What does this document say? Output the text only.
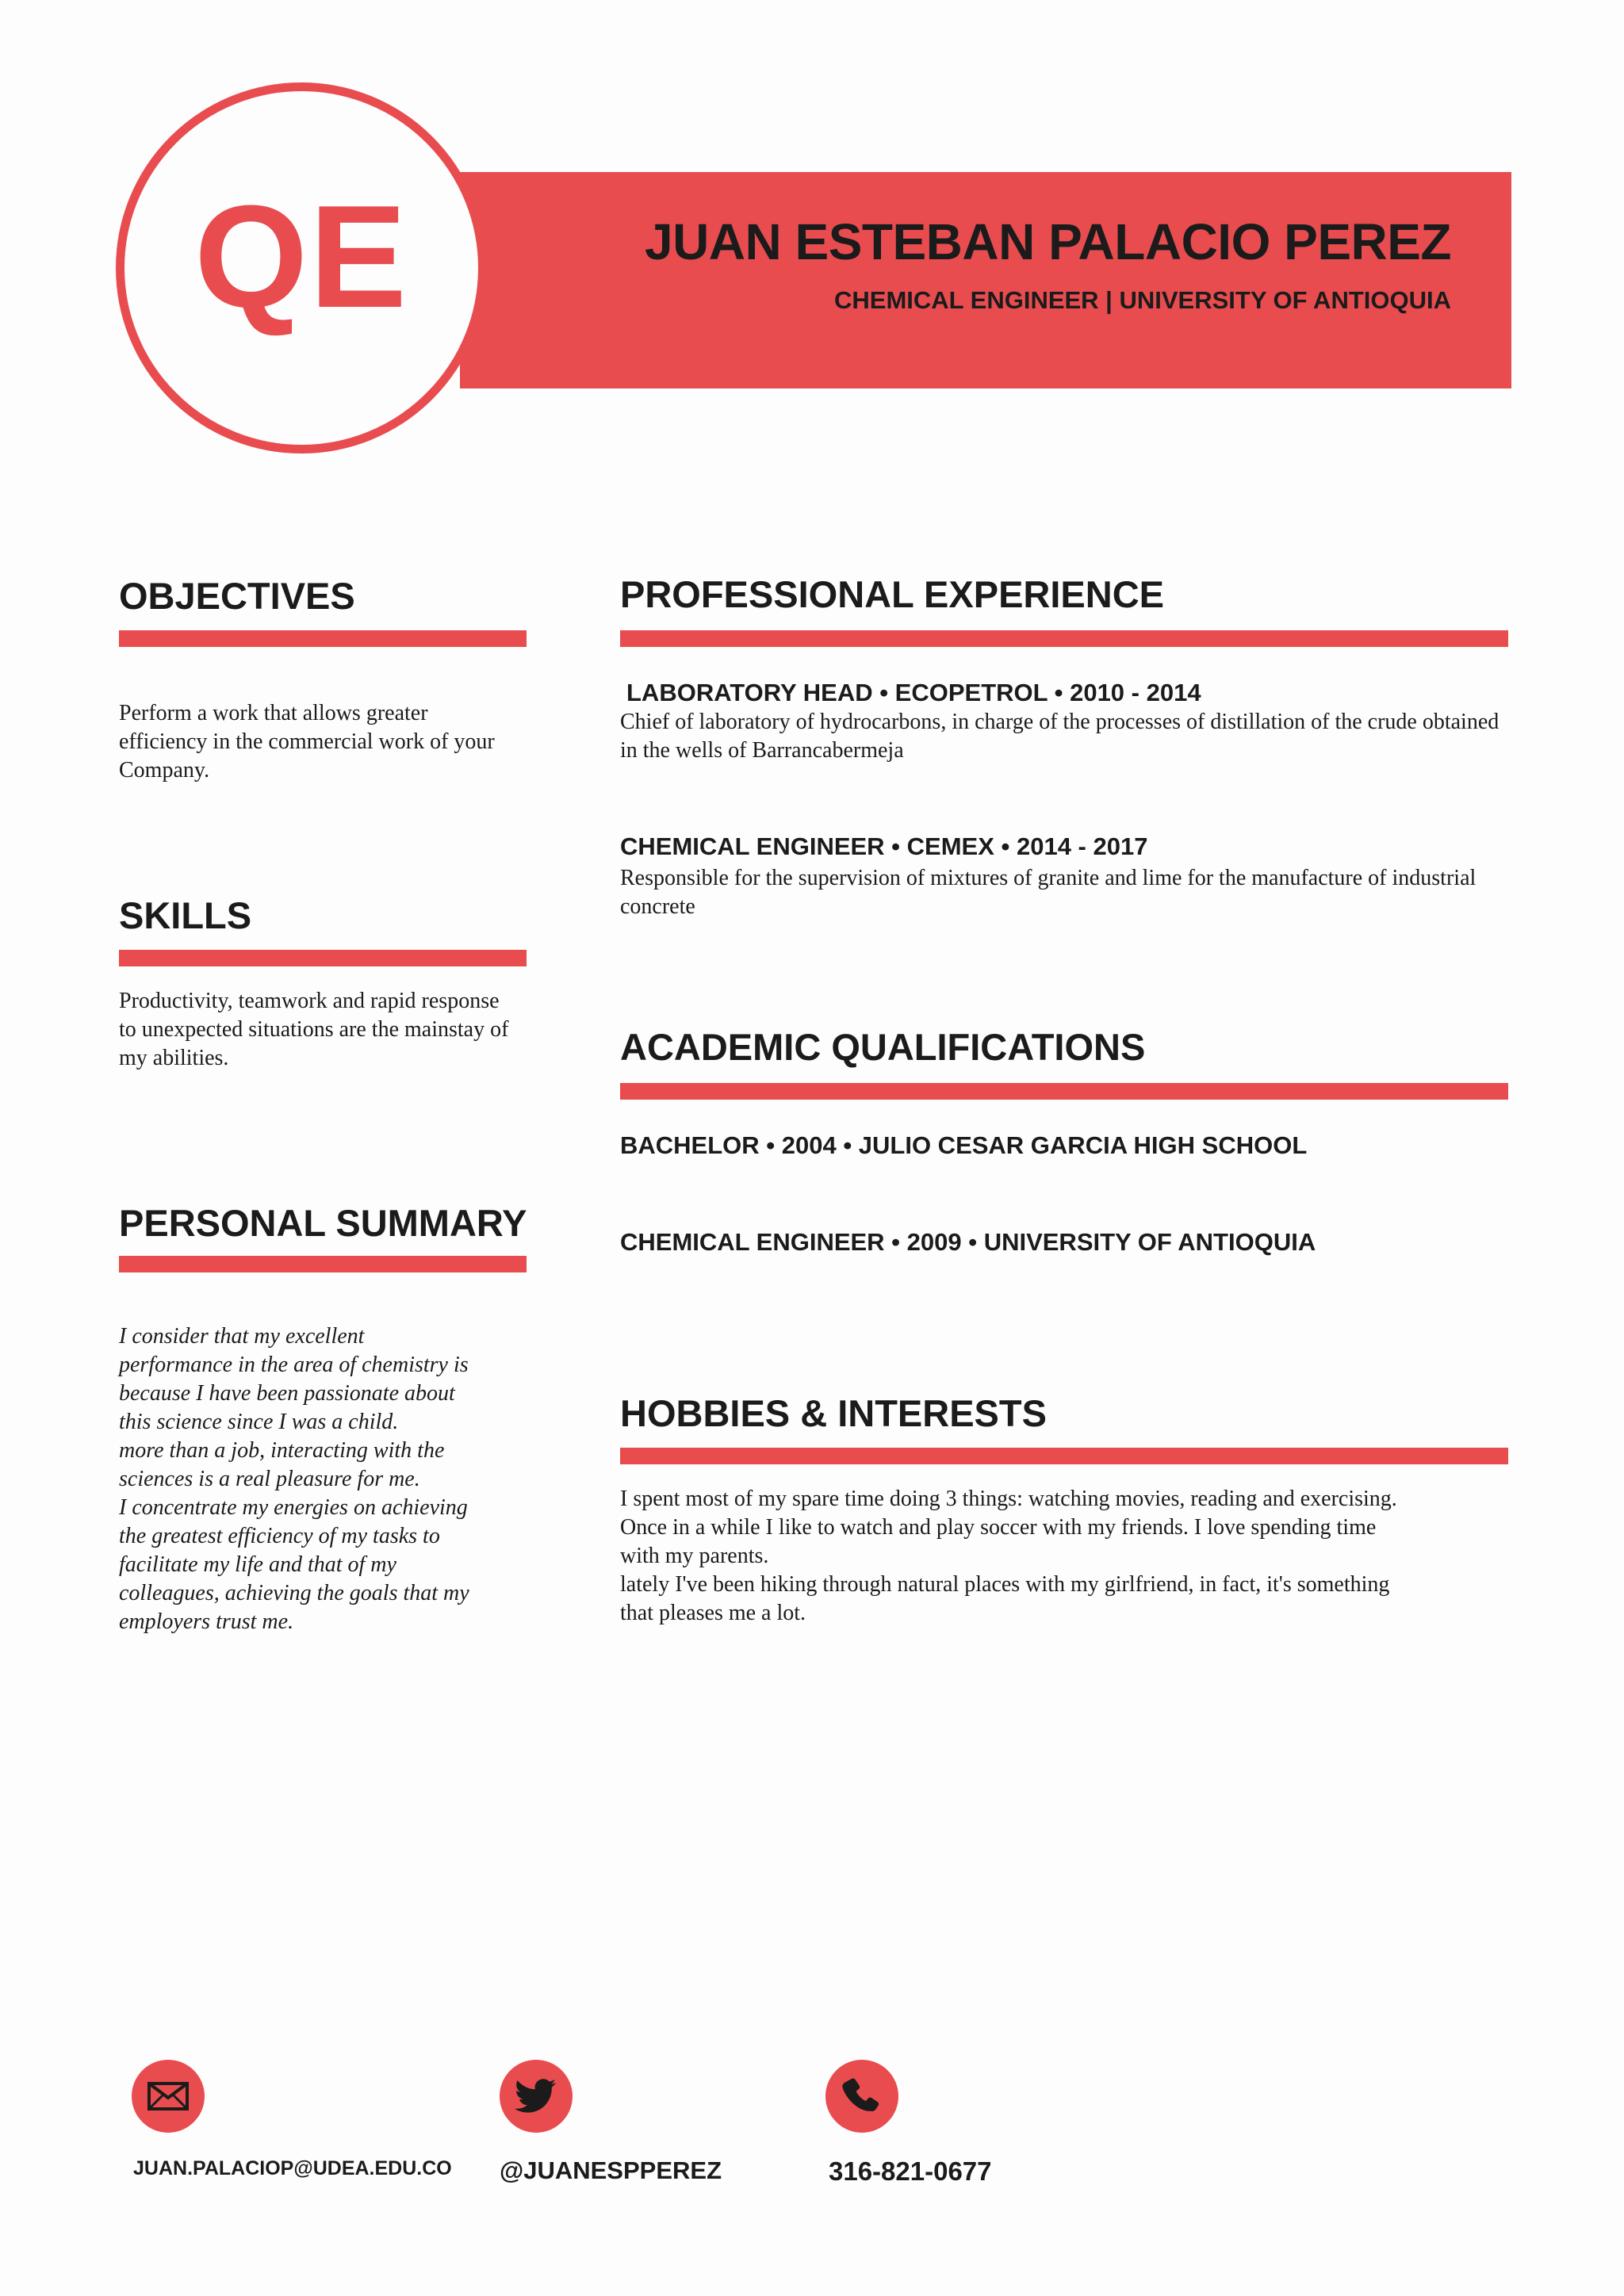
QE	JUAN ESTEBAN PALACIO PEREZ
CHEMICAL ENGINEER | UNIVERSITY OF ANTIOQUIA
OBJECTIVES
Perform a work that allows greater efficiency in the commercial work of your Company.
SKILLS
Productivity, teamwork and rapid response to unexpected situations are the mainstay of my abilities.
PERSONAL SUMMARY
I consider that my excellent
performance in the area of chemistry is
because I have been passionate about
this science since I was a child.
more than a job, interacting with the
sciences is a real pleasure for me.
I concentrate my energies on achieving
the greatest efficiency of my tasks to
facilitate my life and that of my
colleagues, achieving the goals that my
employers trust me.
PROFESSIONAL EXPERIENCE
LABORATORY HEAD • ECOPETROL • 2010 - 2014
Chief of laboratory of hydrocarbons, in charge of the processes of distillation of the crude obtained in the wells of Barrancabermeja
CHEMICAL ENGINEER • CEMEX • 2014 - 2017
Responsible for the supervision of mixtures of granite and lime for the manufacture of industrial concrete
ACADEMIC QUALIFICATIONS
BACHELOR • 2004 • JULIO CESAR GARCIA HIGH SCHOOL
CHEMICAL ENGINEER • 2009 • UNIVERSITY OF ANTIOQUIA
HOBBIES & INTERESTS
I spent most of my spare time doing 3 things: watching movies, reading and exercising.
Once in a while I like to watch and play soccer with my friends. I love spending time
with my parents.
lately I've been hiking through natural places with my girlfriend, in fact, it's something
that pleases me a lot.
JUAN.PALACIOP@UDEA.EDU.CO @JUANESPPEREZ	316-821-0677
